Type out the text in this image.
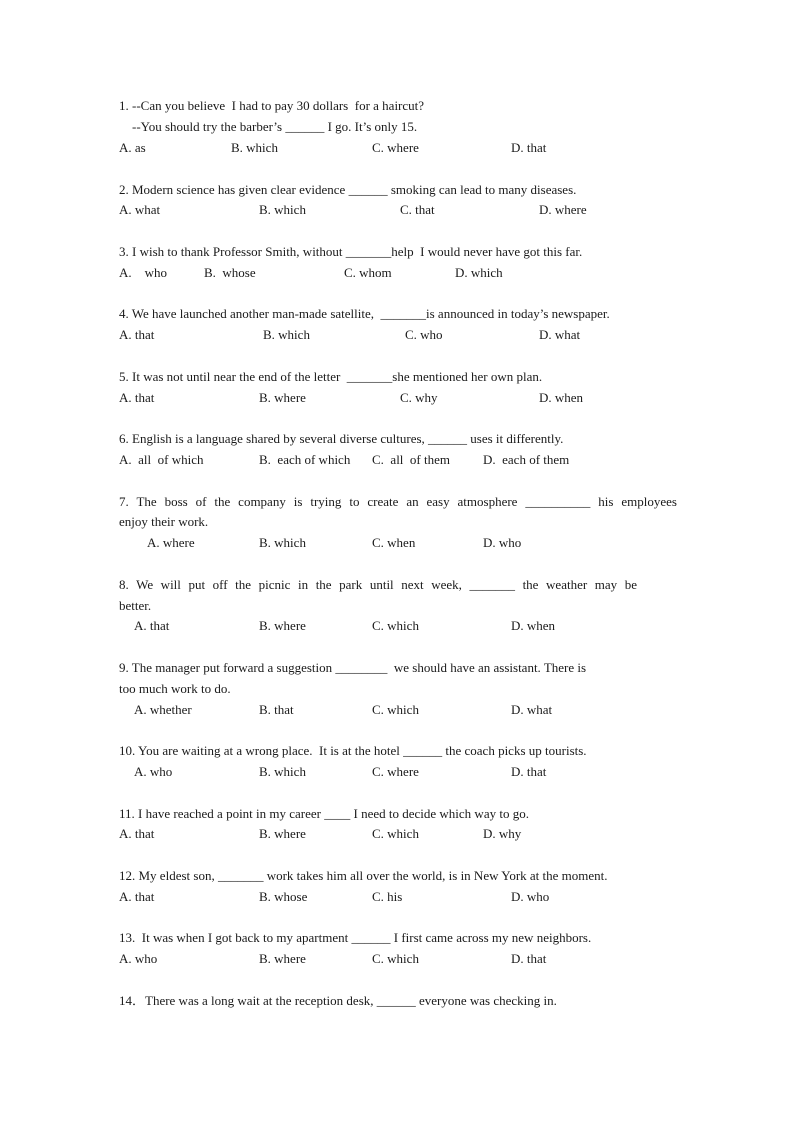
1. --Can you believe  I had to pay 30 dollars  for a haircut?
--You should try the barber’s ______ I go. It’s only 15.
A. as	B. which	C. where	D. that
2. Modern science has given clear evidence ______ smoking can lead to many diseases.
A. what	B. which	C. that	D. where
3. I wish to thank Professor Smith, without _______help  I would never have got this far.
A.    who	B.  whose	C. whom	D. which
4. We have launched another man-made satellite,  _______is announced in today’s newspaper.
A. that	B. which	C. who	D. what
5. It was not until near the end of the letter  _______she mentioned her own plan.
A. that	B. where	C. why	D. when
6. English is a language shared by several diverse cultures, ______ uses it differently.
A.  all  of which	B.  each of which C.  all  of them	D.  each of them
7. The boss of the company is trying to create an easy atmosphere __________ his employees
enjoy their work.
A. where	B. which	C. when	D. who
8. We will put off the picnic in the park until next week, _______ the weather may be
better.
A. that	B. where	C. which	D. when
9. The manager put forward a suggestion ________  we should have an assistant. There is
too much work to do.
A. whether	B. that	C. which	D. what
10. You are waiting at a wrong place.  It is at the hotel ______ the coach picks up tourists.
A. who	B. which	C. where	D. that
11. I have reached a point in my career ____ I need to decide which way to go.
A. that	B. where	C. which	D. why
12. My eldest son, _______ work takes him all over the world, is in New York at the moment.
A. that	B. whose	C. his	D. who
13.  It was when I got back to my apartment ______ I first came across my new neighbors.
A. who	B. where	C. which	D. that
14．There was a long wait at the reception desk, ______ everyone was checking in.
